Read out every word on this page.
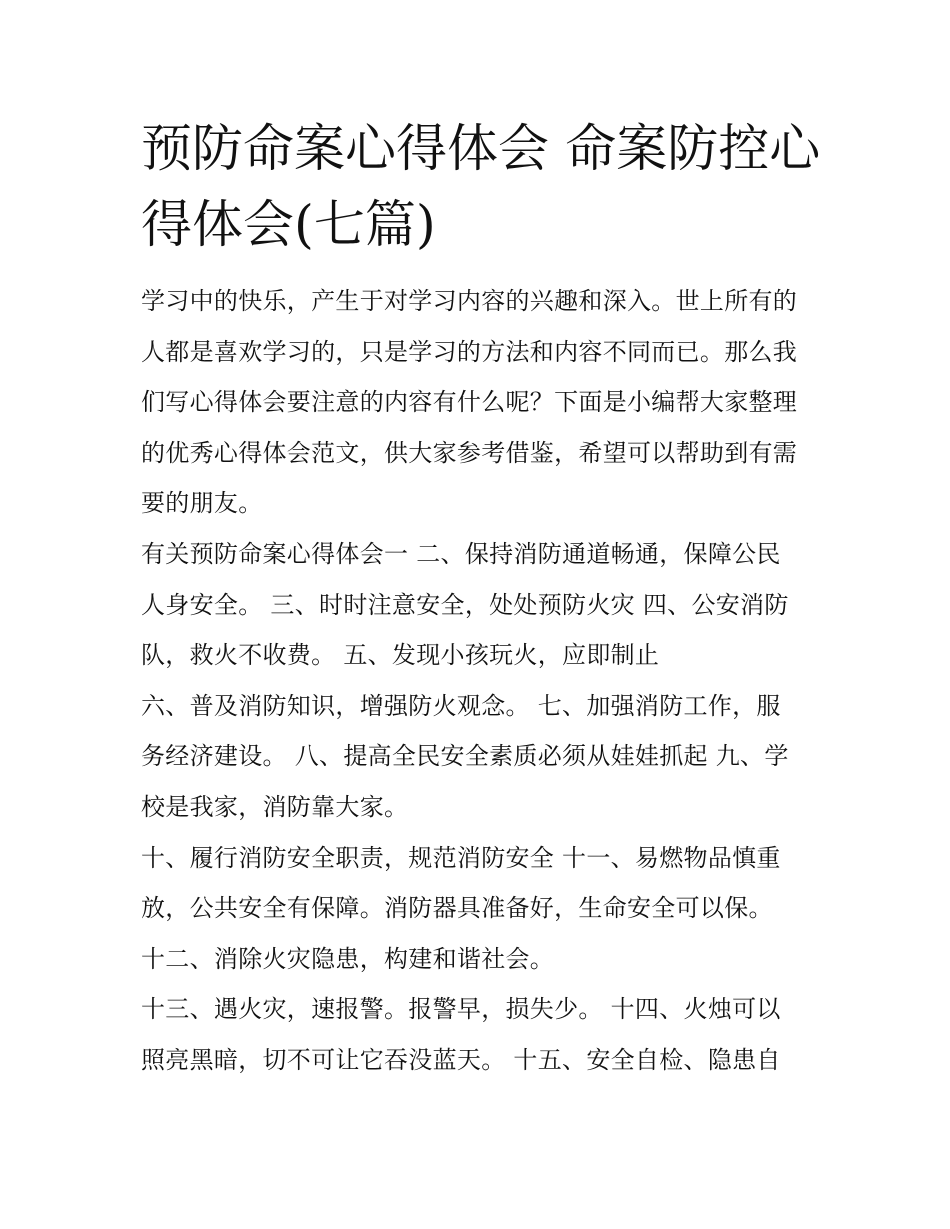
预防命案心得体会 命案防控心
得体会(七篇)
学习中的快乐，产生于对学习内容的兴趣和深入。世上所有的
人都是喜欢学习的，只是学习的方法和内容不同而已。那么我
们写心得体会要注意的内容有什么呢？下面是小编帮大家整理
的优秀心得体会范文，供大家参考借鉴，希望可以帮助到有需
要的朋友。
有关预防命案心得体会一 二、保持消防通道畅通，保障公民
人身安全。 三、时时注意安全，处处预防火灾 四、公安消防
队，救火不收费。 五、发现小孩玩火，应即制止
六、普及消防知识，增强防火观念。 七、加强消防工作，服
务经济建设。 八、提高全民安全素质必须从娃娃抓起 九、学
校是我家，消防靠大家。
十、履行消防安全职责，规范消防安全 十一、易燃物品慎重
放，公共安全有保障。消防器具准备好，生命安全可以保。
十二、消除火灾隐患，构建和谐社会。
十三、遇火灾，速报警。报警早，损失少。 十四、火烛可以
照亮黑暗，切不可让它吞没蓝天。 十五、安全自检、隐患自
